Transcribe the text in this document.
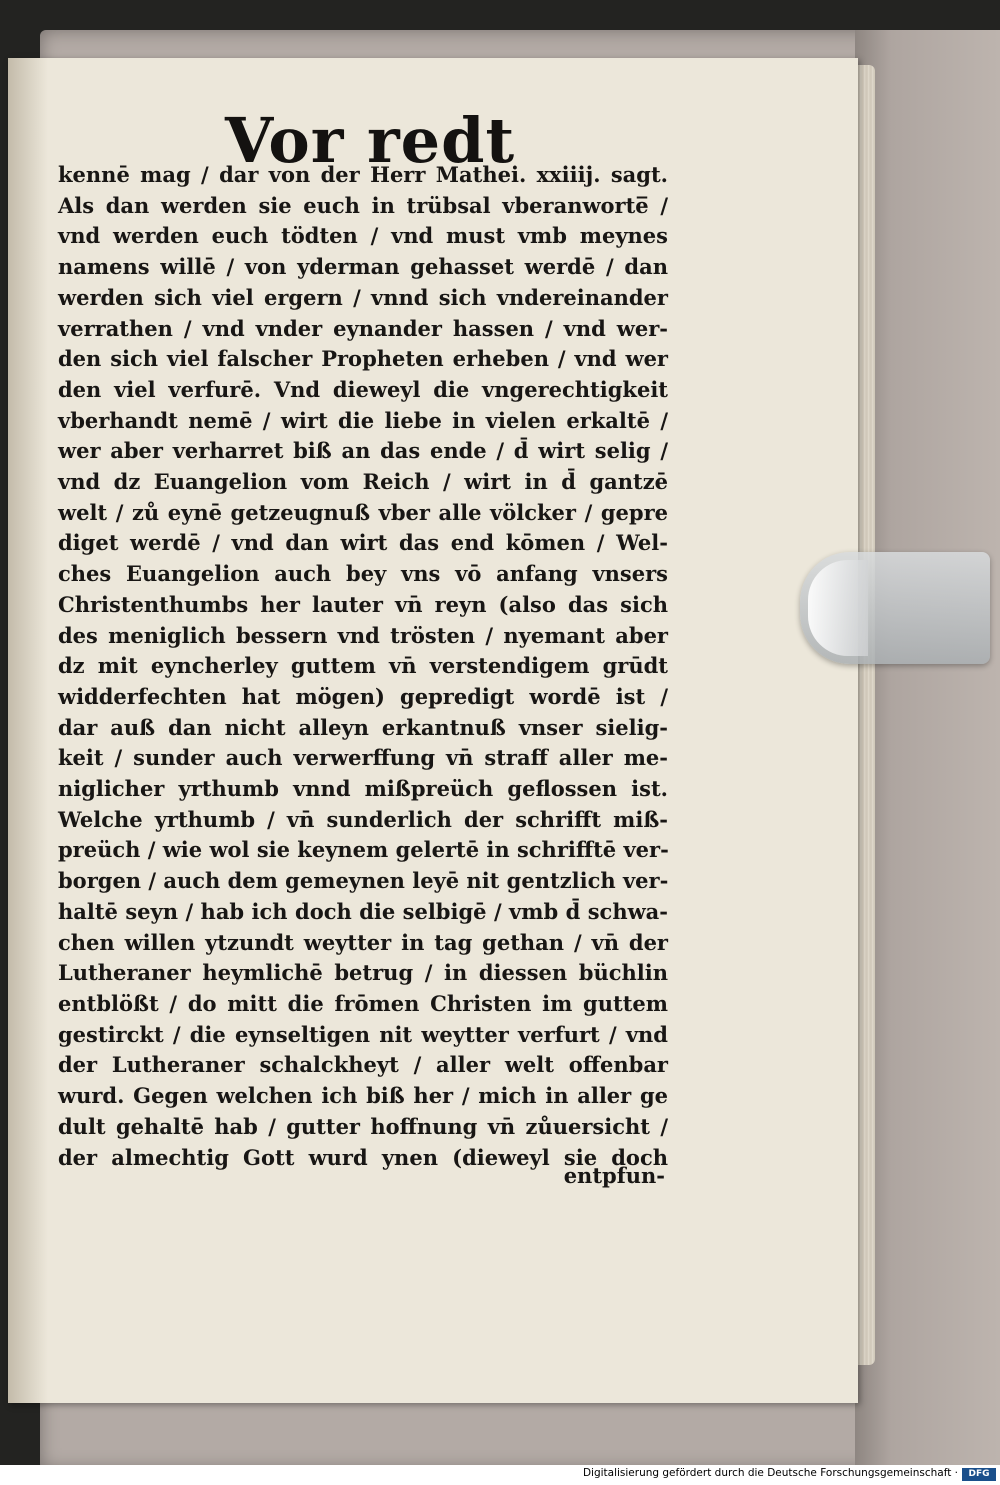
Vor redt
kennē mag / dar von der Herr Mathei. xxiiij. sagt.
Als dan werden sie euch in trübsal vberanworte̅ /
vnd werden euch tödten / vnd must vmb meynes
namens willē / von yderman gehasset werdē / dan
werden sich viel ergern / vnnd sich vndereinander
verrathen / vnd vnder eynander hassen / vnd wer-
den sich viel falscher Propheten erheben / vnd wer
den viel verfurē. Vnd dieweyl die vngerechtigkeit
vberhandt nemē / wirt die liebe in vielen erkaltē /
wer aber verharret biß an das ende / d̄ wirt selig /
vnd dz Euangelion vom Reich / wirt in d̄ gantzē
welt / zů eynē getzeugnuß vber alle völcker / gepre
diget werdē / vnd dan wirt das end kōmen / Wel-
ches Euangelion auch bey vns vō anfang vnsers
Christenthumbs her lauter vn̄ reyn (also das sich
des meniglich bessern vnd trösten / nyemant aber
dz mit eyncherley guttem vn̄ verstendigem grūdt
widderfechten hat mögen) gepredigt wordē ist /
dar auß dan nicht alleyn erkantnuß vnser sielig-
keit / sunder auch verwerffung vn̄ straff aller me-
niglicher yrthumb vnnd mißpreüch geflossen ist.
Welche yrthumb / vn̄ sunderlich der schrifft miß-
preüch / wie wol sie keynem gelertē in schrifftē ver-
borgen / auch dem gemeynen leyē nit gentzlich ver-
haltē seyn / hab ich doch die selbigē / vmb d̄ schwa-
chen willen ytzundt weytter in tag gethan / vn̄ der
Lutheraner heymlichē betrug / in diessen büchlin
entblößt / do mitt die frōmen Christen im guttem
gestirckt / die eynseltigen nit weytter verfurt / vnd
der Lutheraner schalckheyt / aller welt offenbar
wurd. Gegen welchen ich biß her / mich in aller ge
dult gehaltē hab / gutter hoffnung vn̄ zůuersicht /
der almechtig Gott wurd ynen (dieweyl sie doch
entpfun-
Digitalisierung gefördert durch die Deutsche Forschungsgemeinschaft ·	DFG
